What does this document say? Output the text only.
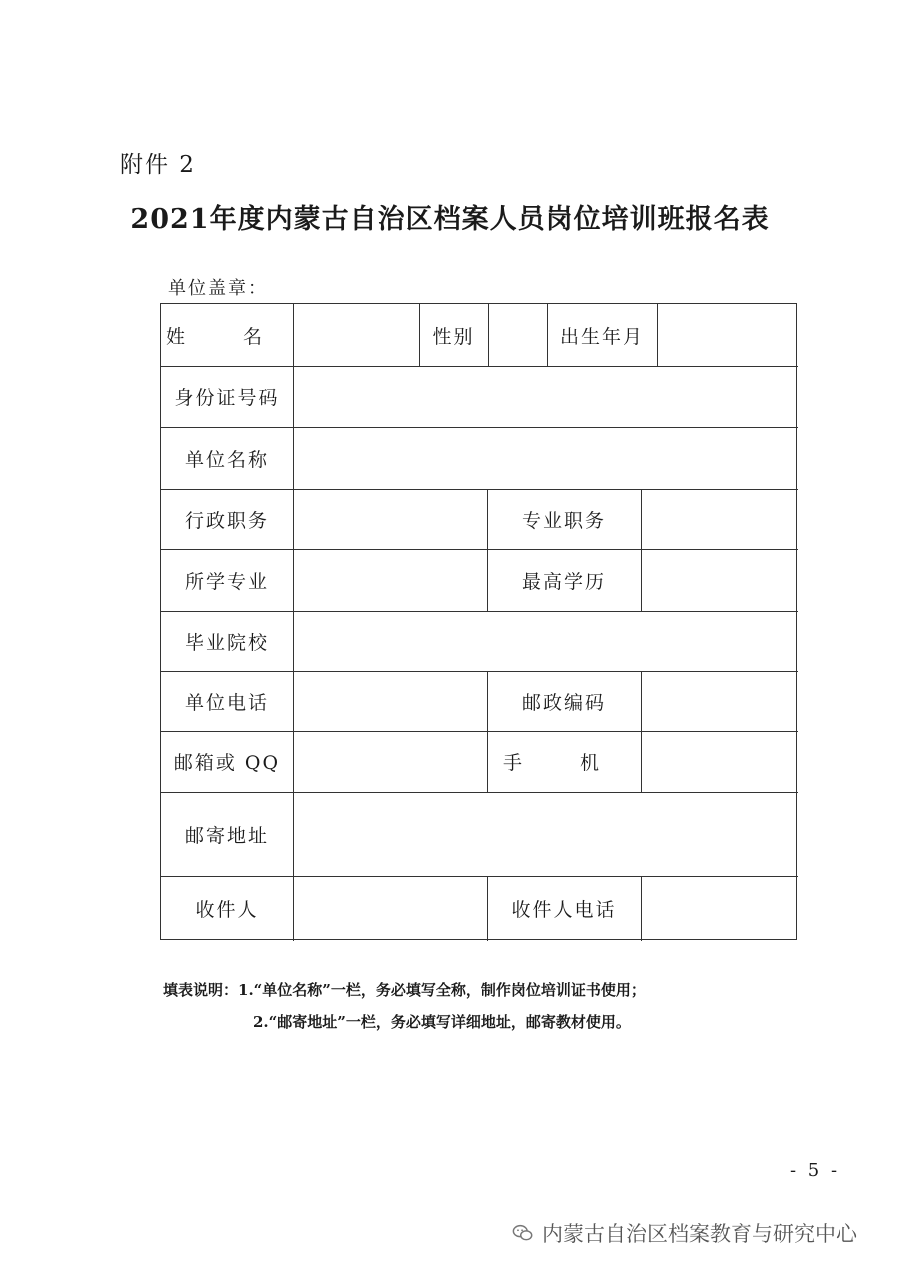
附件 2
2021年度内蒙古自治区档案人员岗位培训班报名表
单位盖章：
姓 名	性别	出生年月
身份证号码
单位名称
行政职务	专业职务
所学专业	最高学历
毕业院校
单位电话	邮政编码
邮箱或 QQ	手 机
邮寄地址
收件人	收件人电话
填表说明：1.“单位名称”一栏，务必填写全称，制作岗位培训证书使用；
2.“邮寄地址”一栏，务必填写详细地址，邮寄教材使用。
- 5 -
内蒙古自治区档案教育与研究中心
